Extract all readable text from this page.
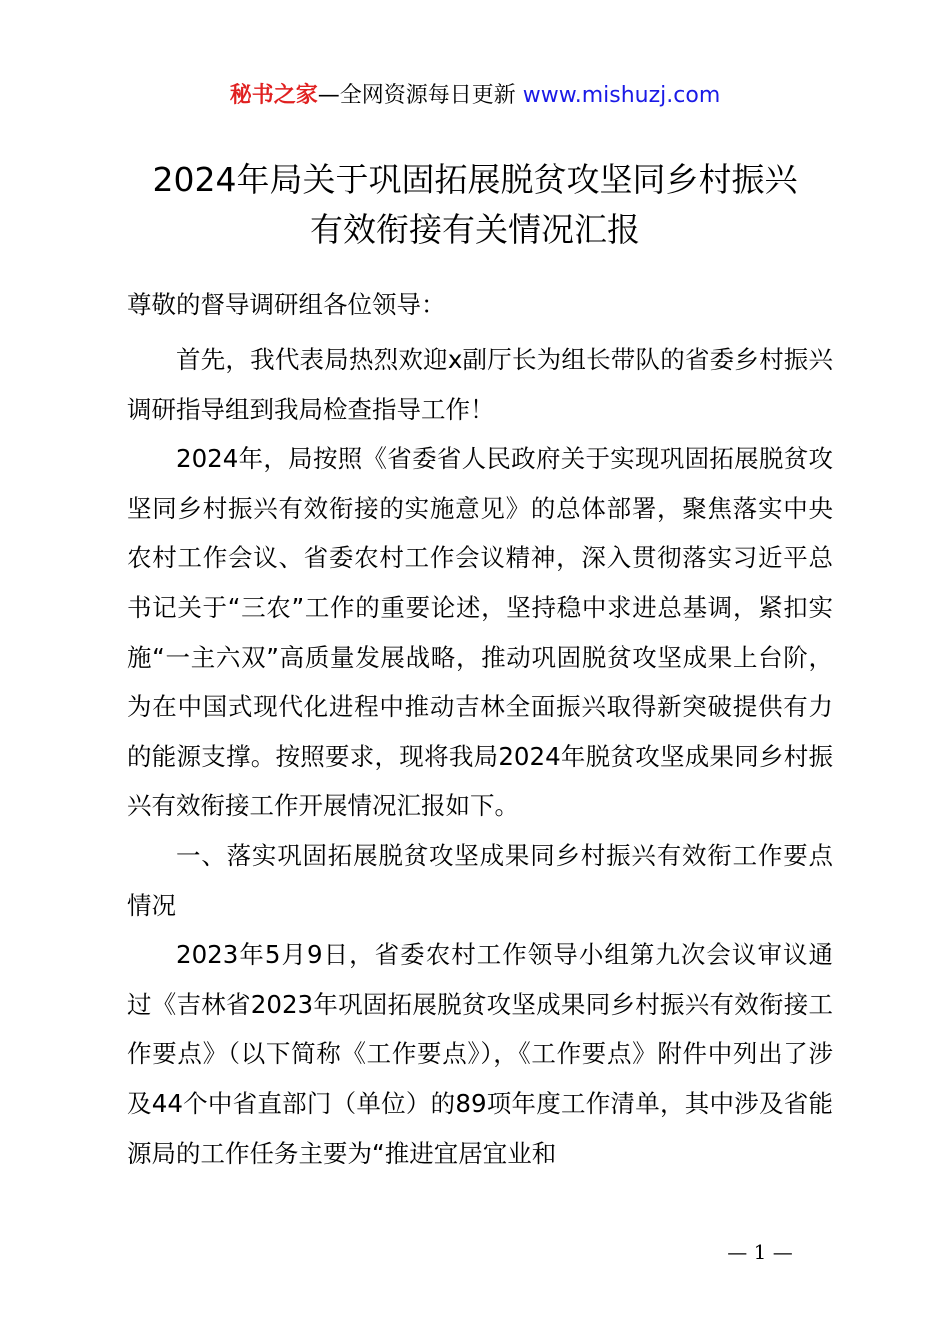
秘书之家—全网资源每日更新 www.mishuzj.com
2024年局关于巩固拓展脱贫攻坚同乡村振兴
有效衔接有关情况汇报
尊敬的督导调研组各位领导：

首先，我代表局热烈欢迎x副厅长为组长带队的省委乡村振兴调研指导组到我局检查指导工作！

2024年，局按照《省委省人民政府关于实现巩固拓展脱贫攻坚同乡村振兴有效衔接的实施意见》的总体部署，聚焦落实中央农村工作会议、省委农村工作会议精神，深入贯彻落实习近平总书记关于“三农”工作的重要论述，坚持稳中求进总基调，紧扣实施“一主六双”高质量发展战略，推动巩固脱贫攻坚成果上台阶，为在中国式现代化进程中推动吉林全面振兴取得新突破提供有力的能源支撑。按照要求，现将我局2024年脱贫攻坚成果同乡村振兴有效衔接工作开展情况汇报如下。

一、落实巩固拓展脱贫攻坚成果同乡村振兴有效衔工作要点情况

2023年5月9日，省委农村工作领导小组第九次会议审议通过《吉林省2023年巩固拓展脱贫攻坚成果同乡村振兴有效衔接工作要点》（以下简称《工作要点》），《工作要点》附件中列出了涉及44个中省直部门（单位）的89项年度工作清单，其中涉及省能源局的工作任务主要为“推进宜居宜业和

— 1 —
